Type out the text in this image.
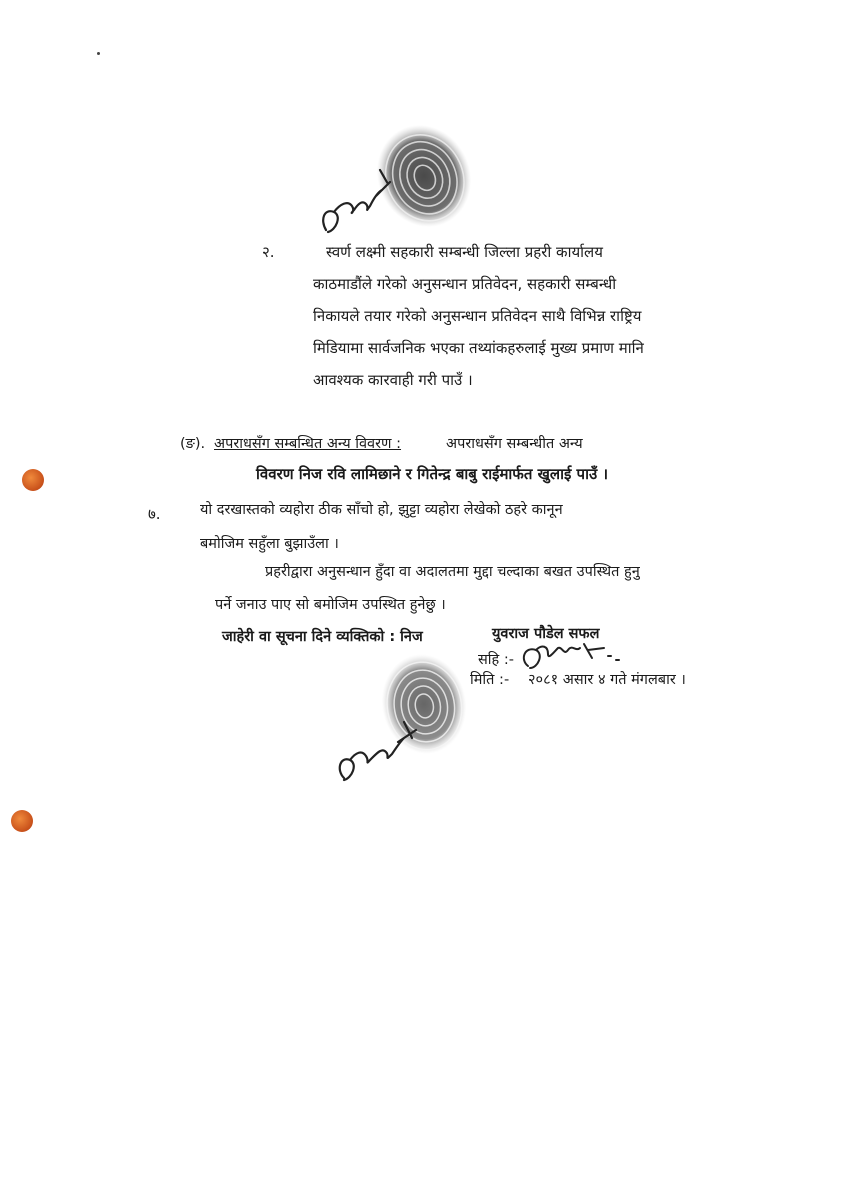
२.	स्वर्ण लक्ष्मी सहकारी सम्बन्धी जिल्ला प्रहरी कार्यालय
काठमाडौंले गरेको अनुसन्धान प्रतिवेदन, सहकारी सम्बन्धी
निकायले तयार गरेको अनुसन्धान प्रतिवेदन साथै विभिन्न राष्ट्रिय
मिडियामा सार्वजनिक भएका तथ्यांकहरुलाई मुख्य प्रमाण मानि
आवश्यक कारवाही गरी पाउँ ।
(ङ). अपराधसँग सम्बन्धित अन्य विवरण :	अपराधसँग सम्बन्धीत अन्य
विवरण निज रवि लामिछाने र गितेन्द्र बाबु राईमार्फत खुलाई पाउँ ।
७.	यो दरखास्तको व्यहोरा ठीक साँचो हो, झुट्टा व्यहोरा लेखेको ठहरे कानून
बमोजिम सहुँला बुझाउँला ।
प्रहरीद्वारा अनुसन्धान हुँदा वा अदालतमा मुद्दा चल्दाका बखत उपस्थित हुनु
पर्ने जनाउ पाए सो बमोजिम उपस्थित हुनेछु ।
जाहेरी वा सूचना दिने व्यक्तिको : निज	युवराज पौडेल सफल
सहि :-
मिति :- २०८१ असार ४ गते मंगलबार ।
